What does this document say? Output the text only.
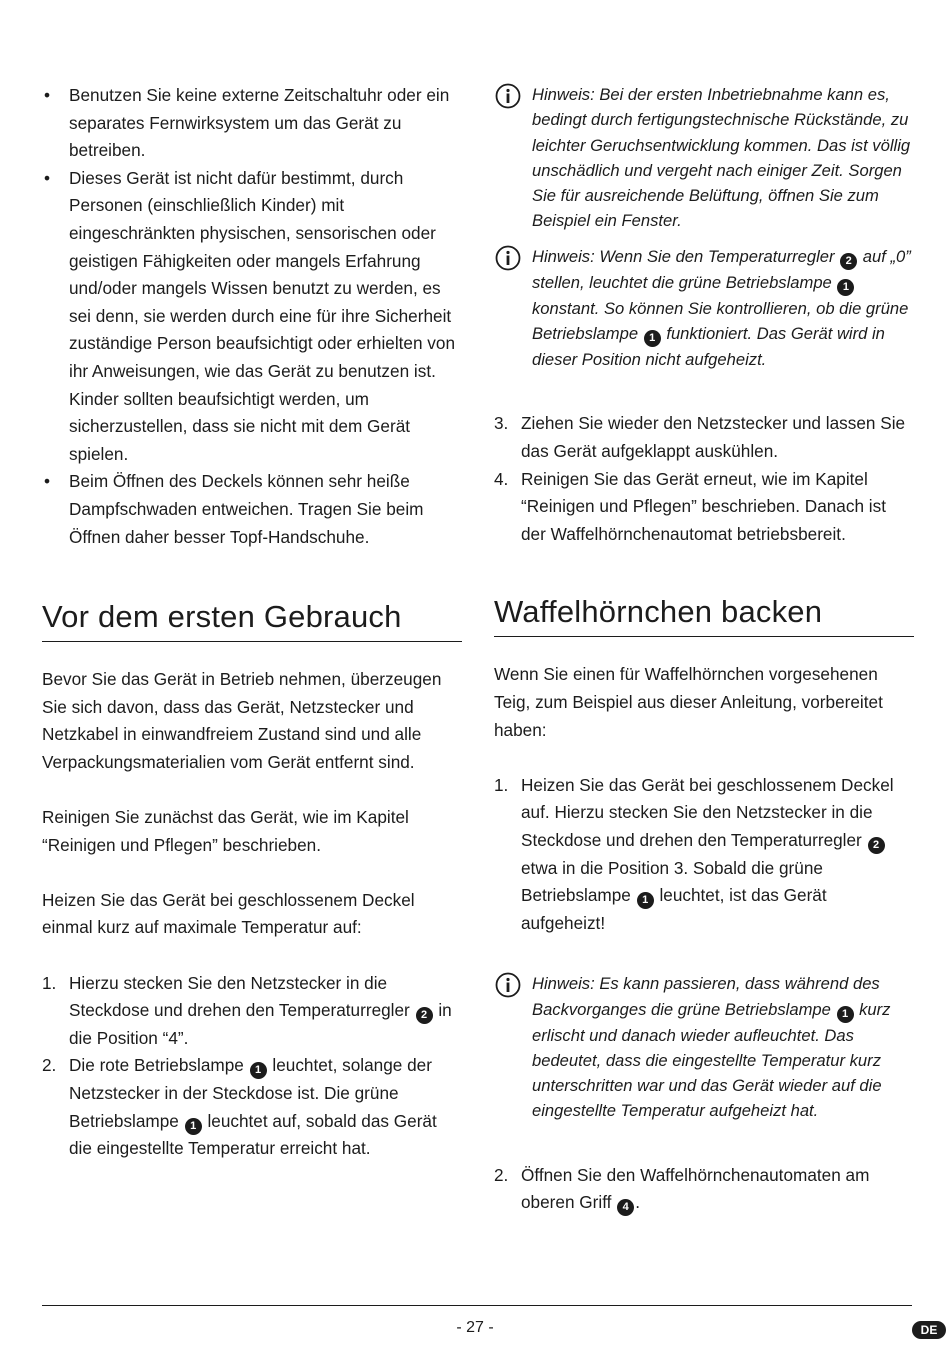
• Benutzen Sie keine externe Zeitschaltuhr oder ein separates Fernwirksystem um das Gerät zu betreiben.
• Dieses Gerät ist nicht dafür bestimmt, durch Personen (einschließlich Kinder) mit eingeschränkten physischen, sensorischen oder geistigen Fähigkeiten oder mangels Erfahrung und/oder mangels Wissen benutzt zu werden, es sei denn, sie werden durch eine für ihre Sicherheit zuständige Person beaufsichtigt oder erhielten von ihr Anweisungen, wie das Gerät zu benutzen ist. Kinder sollten beaufsichtigt werden, um sicherzustellen, dass sie nicht mit dem Gerät spielen.
• Beim Öffnen des Deckels können sehr heiße Dampfschwaden entweichen. Tragen Sie beim Öffnen daher besser Topf-Handschuhe.
Vor dem ersten Gebrauch
Bevor Sie das Gerät in Betrieb nehmen, überzeugen Sie sich davon, dass das Gerät, Netzstecker und Netzkabel in einwandfreiem Zustand sind und alle Verpackungsmaterialien vom Gerät entfernt sind.
Reinigen Sie zunächst das Gerät, wie im Kapitel “Reinigen und Pflegen” beschrieben.
Heizen Sie das Gerät bei geschlossenem Deckel einmal kurz auf maximale Temperatur auf:
1. Hierzu stecken Sie den Netzstecker in die Steckdose und drehen den Temperaturregler 2 in die Position “4”.
2. Die rote Betriebslampe 1 leuchtet, solange der Netzstecker in der Steckdose ist. Die grüne Betriebslampe 1 leuchtet auf, sobald das Gerät die eingestellte Temperatur erreicht hat.
Hinweis: Bei der ersten Inbetriebnahme kann es, bedingt durch fertigungstechnische Rückstände, zu leichter Geruchsentwicklung kommen. Das ist völlig unschädlich und vergeht nach einiger Zeit. Sorgen Sie für ausreichende Belüftung, öffnen Sie zum Beispiel ein Fenster.
Hinweis: Wenn Sie den Temperaturregler 2 auf „0” stellen, leuchtet die grüne Betriebslampe 1 konstant. So können Sie kontrollieren, ob die grüne Betriebslampe 1 funktioniert. Das Gerät wird in dieser Position nicht aufgeheizt.
3. Ziehen Sie wieder den Netzstecker und lassen Sie das Gerät aufgeklappt auskühlen.
4. Reinigen Sie das Gerät erneut, wie im Kapitel “Reinigen und Pflegen” beschrieben. Danach ist der Waffelhörnchenautomat betriebsbereit.
Waffelhörnchen backen
Wenn Sie einen für Waffelhörnchen vorgesehenen Teig, zum Beispiel aus dieser Anleitung, vorbereitet haben:
1. Heizen Sie das Gerät bei geschlossenem Deckel auf. Hierzu stecken Sie den Netzstecker in die Steckdose und drehen den Temperaturregler 2 etwa in die Position 3. Sobald die grüne Betriebslampe 1 leuchtet, ist das Gerät aufgeheizt!
Hinweis: Es kann passieren, dass während des Backvorganges die grüne Betriebslampe 1 kurz erlischt und danach wieder aufleuchtet. Das bedeutet, dass die eingestellte Temperatur kurz unterschritten war und das Gerät wieder auf die eingestellte Temperatur aufgeheizt hat.
2. Öffnen Sie den Waffelhörnchenautomaten am oberen Griff 4 .
- 27 -	DE
